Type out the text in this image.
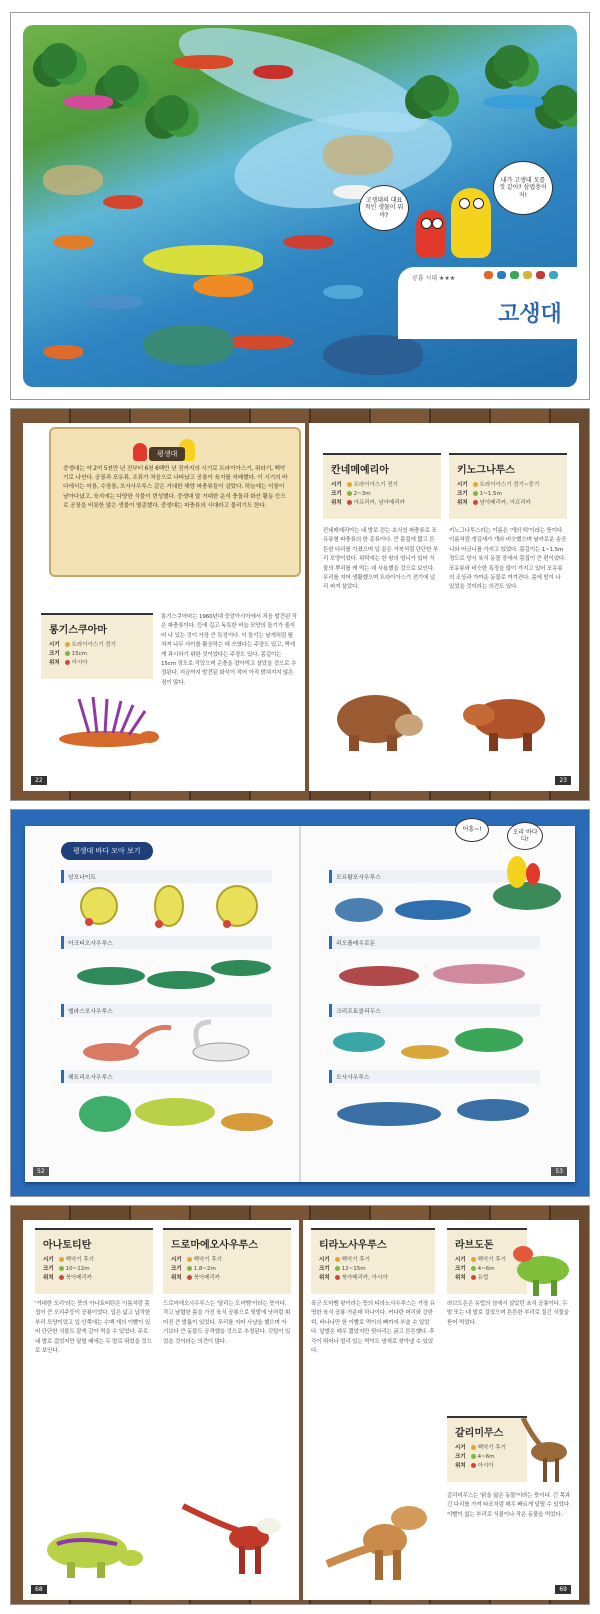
고생대의 대표적인 생물이 뭐야?
내가 고생대 모를 것 같아? 삼엽충이지!
공룡 시대 ★★★
고생대
평생대
중생대는 약 2억 5천만 년 전부터 6천 6백만 년 전까지의 시기로 트라이아스기, 쥐라기, 백악기로 나뉜다. 공룡과 포유류, 조류가 처음으로 나타났고 공룡이 육지를 지배했다. 이 시기의 바다에서는 어룡, 수장룡, 모사사우루스 같은 거대한 해양 파충류들이 살았다. 하늘에는 익룡이 날아다녔고, 육지에는 다양한 식물이 번성했다. 중생대 말 거대한 운석 충돌과 화산 활동 등으로 공룡을 비롯한 많은 생물이 멸종했다. 중생대는 파충류의 시대라고 불리기도 한다.
롱기스쿠아마
시기 트라이아스기 전기
크기 15cm
위치 아시아
롱기스쿠아마는 1960년대 중앙아시아에서 처음 발견된 작은 파충류이다. 등에 길고 독특한 비늘 모양의 돌기가 줄지어 나 있는 것이 가장 큰 특징이다. 이 돌기는 날개처럼 펼쳐져 나무 사이를 활공하는 데 쓰였다는 주장도 있고, 짝에게 과시하기 위한 것이었다는 주장도 있다. 몸길이는 15cm 정도로 작았으며 곤충을 잡아먹고 살았을 것으로 추정된다. 지금까지 발견된 화석이 적어 아직 밝혀지지 않은 점이 많다.
22
칸네메예리아
시기 트라이아스기 전기
크기 2~3m
위치 아프리카, 남아메리카
키노그나투스
시기 트라이아스기 전기~중기
크기 1~1.5m
위치 남아메리카, 아프리카
칸네메예리아는 네 발로 걷는 초식성 파충류로 포유류형 파충류의 한 종류이다. 큰 몸집에 짧고 튼튼한 다리를 가졌으며 입 끝은 거북처럼 단단한 부리 모양이었다. 위턱에는 한 쌍의 엄니가 있어 식물의 뿌리를 캐 먹는 데 사용했을 것으로 보인다. 무리를 지어 생활했으며 트라이아스기 전기에 널리 퍼져 살았다.
키노그나투스라는 이름은 '개의 턱'이라는 뜻이다. 이름처럼 생김새가 개와 비슷했으며 날카로운 송곳니와 어금니를 가지고 있었다. 몸길이는 1~1.5m 정도로 당시 육식 동물 중에서 몸집이 큰 편이었다. 포유류와 비슷한 특징을 많이 가지고 있어 포유류의 조상과 가까운 동물로 여겨진다. 몸에 털이 나 있었을 것이라는 의견도 있다.
23
평생대 바다 모아 보기
암모나이트
이크티오사우루스
엘라스모사우루스
헤트리오사우루스
모르탐포사우루스
리오플레우로돈
크리프토클리두스
모사사우루스
52
어흥~!	오리 바다다!
53
아나토티탄
시기 백악기 후기
크기 10~12m
위치 북아메리카
드로마에오사우루스
시기 백악기 후기
크기 1.8~2m
위치 북아메리카
'거대한 오리'라는 뜻의 아나토티탄은 이름처럼 몸집이 큰 오리주둥이 공룡이었다. 입은 넓고 납작한 부리 모양이었고 입 안쪽에는 수백 개의 이빨이 있어 단단한 식물도 잘게 갈아 먹을 수 있었다. 주로 네 발로 걸었지만 달릴 때에는 두 발로 뛰었을 것으로 보인다.
드로마에오사우루스는 '달리는 도마뱀'이라는 뜻이다. 작고 날렵한 몸을 가진 육식 공룡으로 뒷발에 낫처럼 휘어진 큰 발톱이 있었다. 무리를 지어 사냥을 했으며 자기보다 큰 동물도 공격했을 것으로 추정된다. 깃털이 있었을 것이라는 의견이 많다.
68
티라노사우루스
시기 백악기 후기
크기 12~15m
위치 북아메리카, 아시아
라브도돈
시기 백악기 후기
크기 4~6m
위치 유럽
폭군 도마뱀 왕이라는 뜻의 티라노사우루스는 가장 유명한 육식 공룡 가운데 하나이다. 커다란 머리와 강한 턱, 바나나만 한 이빨로 먹이의 뼈까지 부술 수 있었다. 앞발은 매우 짧았지만 뒷다리는 굵고 튼튼했다. 후각이 뛰어나 멀리 있는 먹이도 냄새로 찾아낼 수 있었다.
라브도돈은 유럽의 섬에서 살았던 초식 공룡이다. 두 발 또는 네 발로 걸었으며 튼튼한 부리로 질긴 식물을 뜯어 먹었다.
갈리미무스
시기 백악기 후기
크기 4~6m
위치 아시아
갈리미무스는 '닭을 닮은 동물'이라는 뜻이다. 긴 목과 긴 다리를 가져 타조처럼 매우 빠르게 달릴 수 있었다. 이빨이 없는 부리로 식물이나 작은 동물을 먹었다.
69
